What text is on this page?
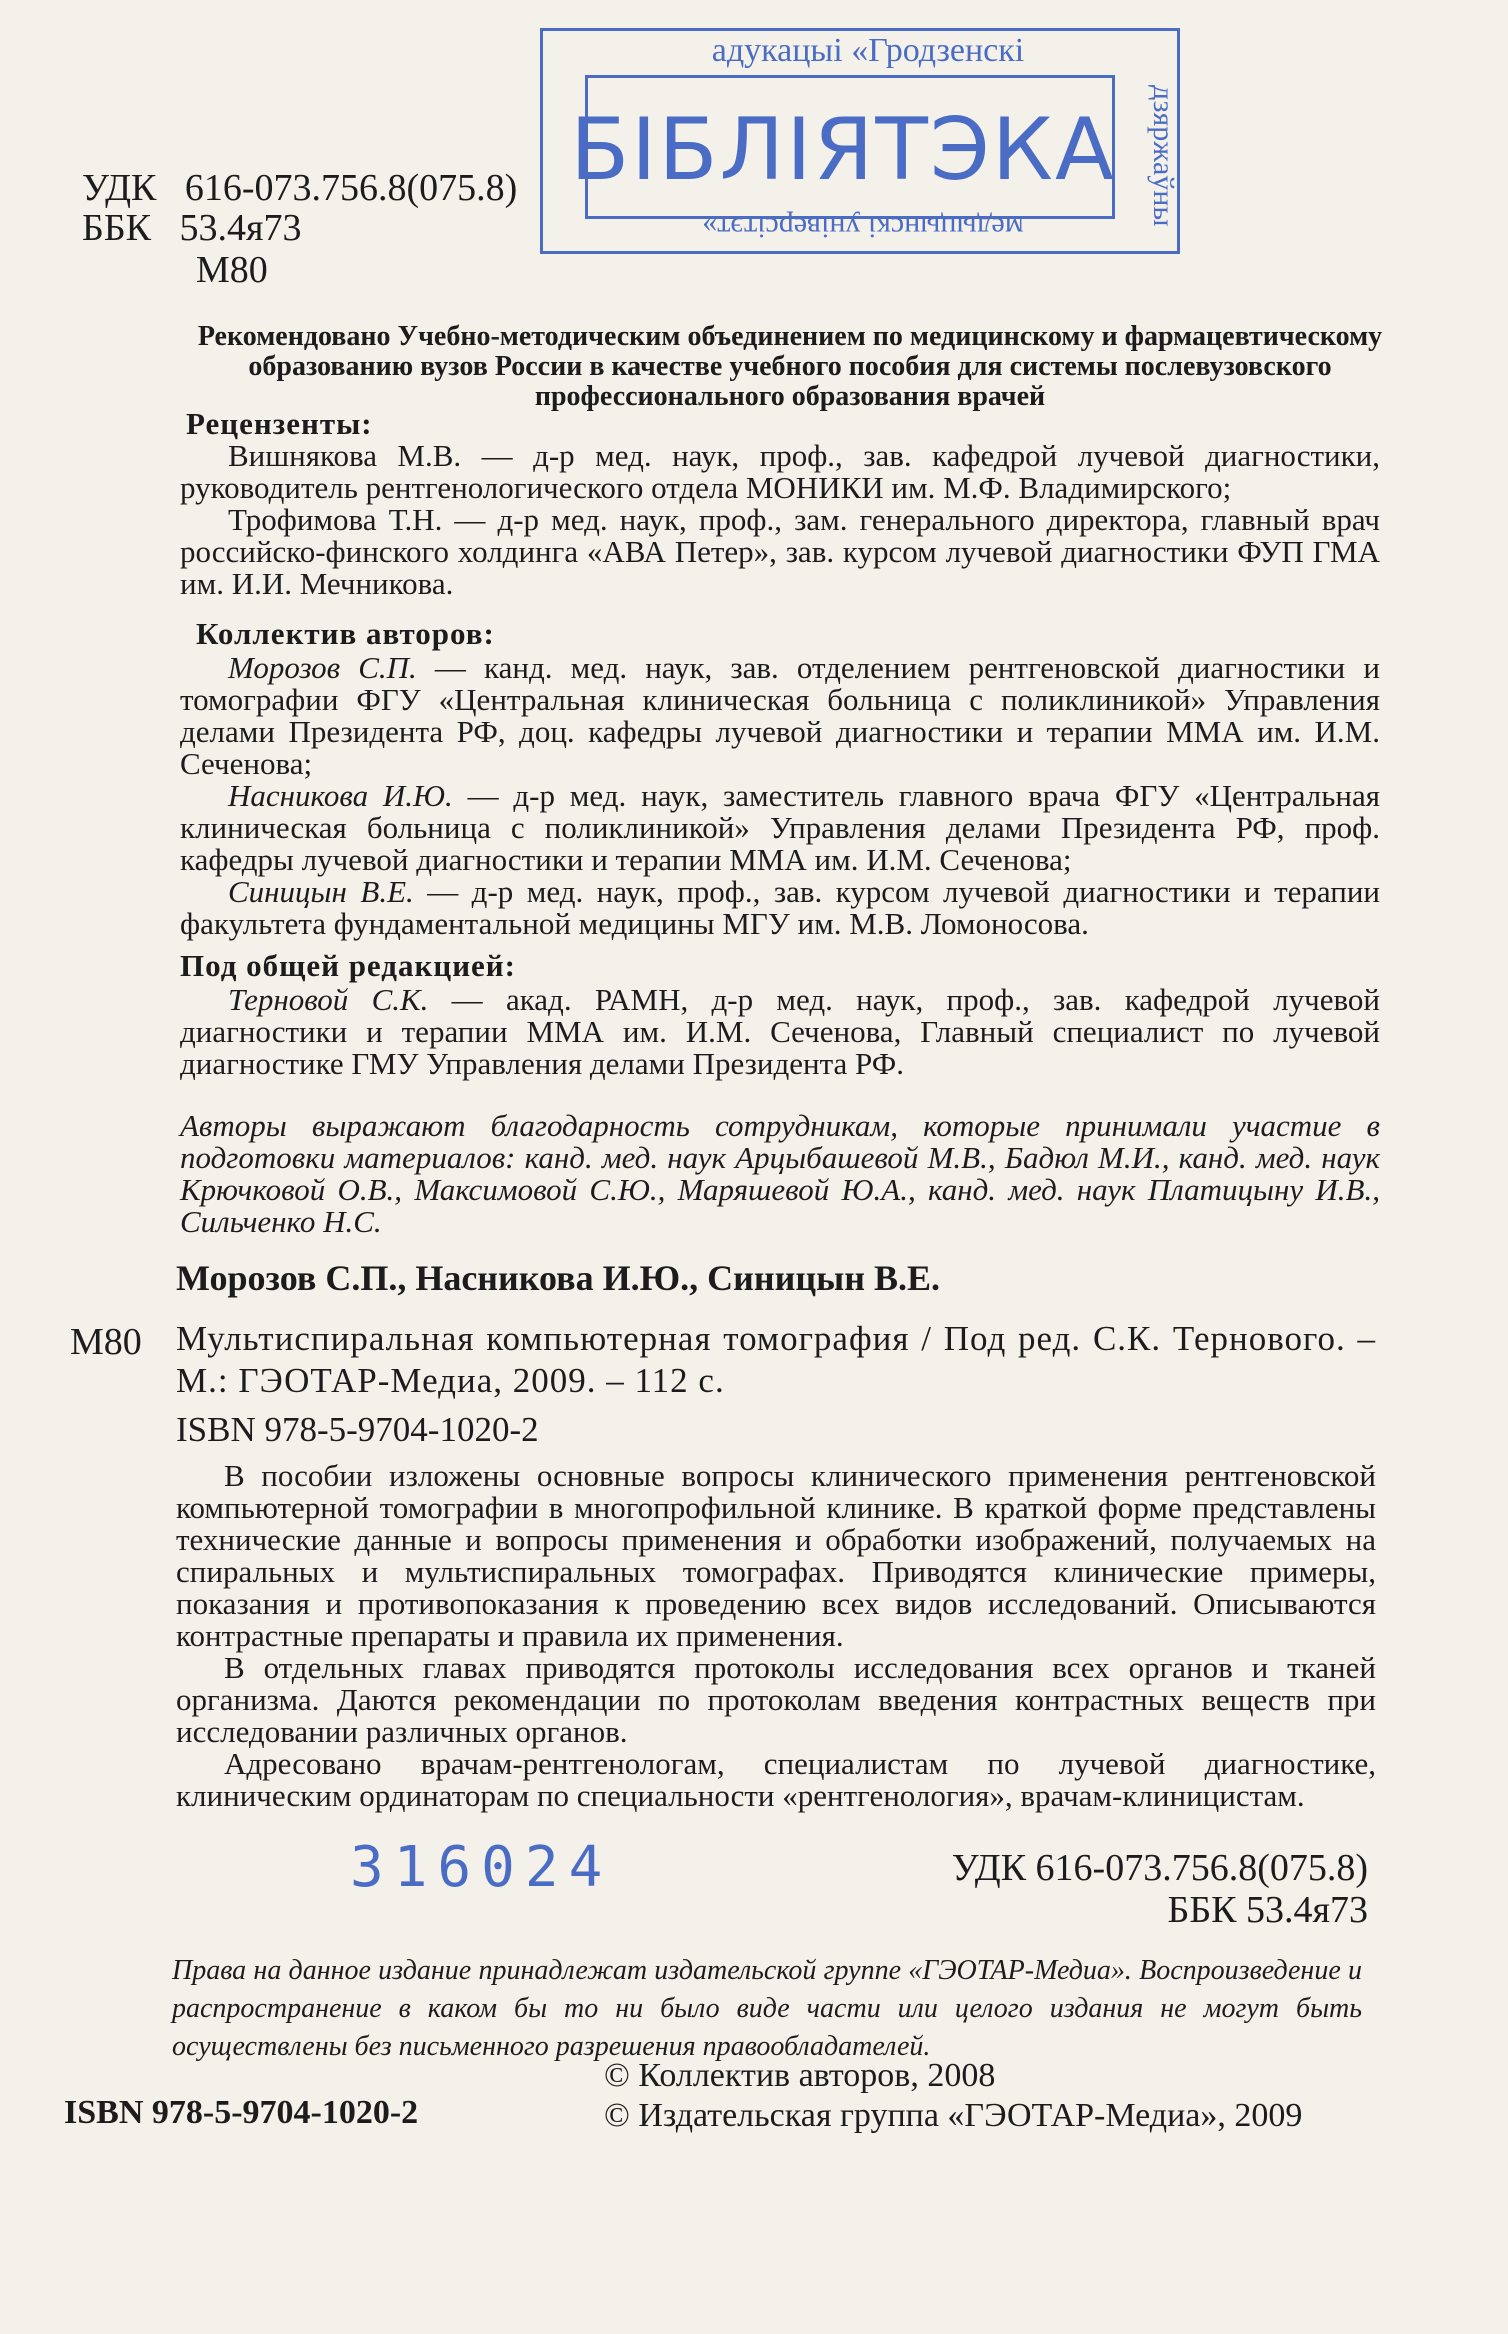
адукацыі «Гродзенскі
БІБЛІЯТЭКА
медыцынскі універсітэт»
дзяржаўны
УДК   616-073.756.8(075.8)
ББК   53.4я73
М80
Рекомендовано Учебно-методическим объединением по медицинскому и фармацевтическому образованию вузов России в качестве учебного пособия для системы послевузовского профессионального образования врачей
Рецензенты:

Вишнякова М.В. — д-р мед. наук, проф., зав. кафедрой лучевой диагностики, руководитель рентгенологического отдела МОНИКИ им. М.Ф. Владимирского;

Трофимова Т.Н. — д-р мед. наук, проф., зам. генерального директора, главный врач российско-финского холдинга «АВА Петер», зав. курсом лучевой диагностики ФУП ГМА им. И.И. Мечникова.

Коллектив авторов:

Морозов С.П. — канд. мед. наук, зав. отделением рентгеновской диагностики и томографии ФГУ «Центральная клиническая больница с поликлиникой» Управления делами Президента РФ, доц. кафедры лучевой диагностики и терапии ММА им. И.М. Сеченова;

Насникова И.Ю. — д-р мед. наук, заместитель главного врача ФГУ «Центральная клиническая больница с поликлиникой» Управления делами Президента РФ, проф. кафедры лучевой диагностики и терапии ММА им. И.М. Сеченова;

Синицын В.Е. — д-р мед. наук, проф., зав. курсом лучевой диагностики и терапии факультета фундаментальной медицины МГУ им. М.В. Ломоносова.

Под общей редакцией:

Терновой С.К. — акад. РАМН, д-р мед. наук, проф., зав. кафедрой лучевой диагностики и терапии ММА им. И.М. Сеченова, Главный специалист по лучевой диагностике ГМУ Управления делами Президента РФ.

Авторы выражают благодарность сотрудникам, которые принимали участие в подготовки материалов: канд. мед. наук Арцыбашевой М.В., Бадюл М.И., канд. мед. наук Крючковой О.В., Максимовой С.Ю., Маряшевой Ю.А., канд. мед. наук Платицыну И.В., Сильченко Н.С.
Морозов С.П., Насникова И.Ю., Синицын В.Е.
М80 Мультиспиральная компьютерная томография / Под ред. С.К. Тернового. – М.: ГЭОТАР-Медиа, 2009. – 112 с.
ISBN 978-5-9704-1020-2

В пособии изложены основные вопросы клинического применения рентгеновской компьютерной томографии в многопрофильной клинике. В краткой форме представлены технические данные и вопросы применения и обработки изображений, получаемых на спиральных и мультиспиральных томографах. Приводятся клинические примеры, показания и противопоказания к проведению всех видов исследований. Описываются контрастные препараты и правила их применения.

В отдельных главах приводятся протоколы исследования всех органов и тканей организма. Даются рекомендации по протоколам введения контрастных веществ при исследовании различных органов.

Адресовано врачам-рентгенологам, специалистам по лучевой диагностике, клиническим ординаторам по специальности «рентгенология», врачам-клиницистам.

316024	УДК 616-073.756.8(075.8)
ББК 53.4я73
Права на данное издание принадлежат издательской группе «ГЭОТАР-Медиа». Воспроизведение и распространение в каком бы то ни было виде части или целого издания не могут быть осуществлены без письменного разрешения правообладателей.
ISBN 978-5-9704-1020-2
© Коллектив авторов, 2008
© Издательская группа «ГЭОТАР-Медиа», 2009
